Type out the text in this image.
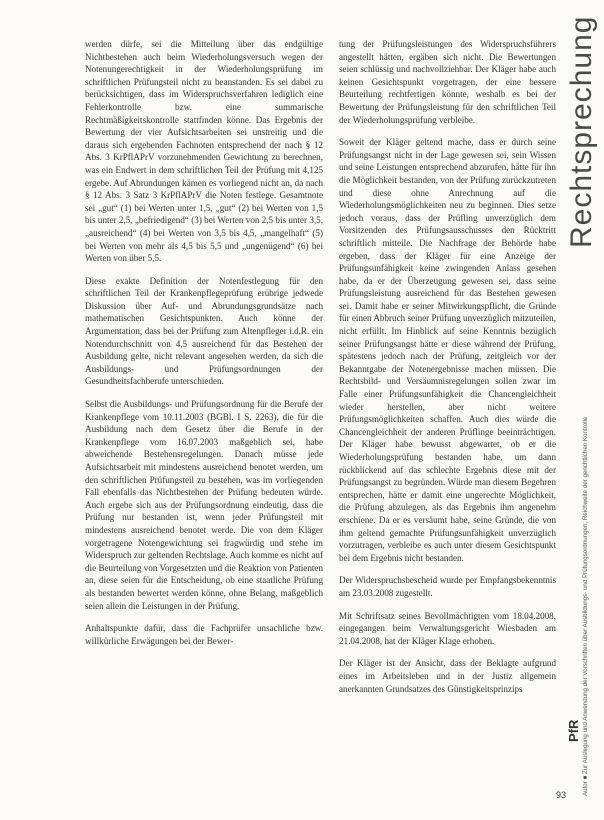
werden dürfe, sei die Mitteilung über das endgültige Nichtbestehen auch beim Wiederholungsversuch wegen der Notenungerechtigkeit in der Wiederholungsprüfung im schriftlichen Prüfungsteil nicht zu beanstanden. Es sei dabei zu berücksichtigen, dass im Widerspruchsverfahren lediglich eine Fehlerkontrolle bzw. eine summarische Rechtmäßigkeitskontrolle stattfinden könne. Das Ergebnis der Bewertung der vier Aufsichtsarbeiten sei unstreitig und die daraus sich ergebenden Fachnoten entsprechend der nach § 12 Abs. 3 KrPflAPrV vorzunehmenden Gewichtung zu berechnen, was ein Endwert in dem schriftlichen Teil der Prüfung mit 4,125 ergebe. Auf Abrundungen kämen es vorliegend nicht an, da nach § 12 Abs. 3 Satz 3 KrPflAPrV die Noten festlege. Gesamtnote sei „gut“ (1) bei Werten unter 1,5, „gut“ (2) bei Werten von 1,5 bis unter 2,5, „befriedigend“ (3) bei Werten von 2,5 bis unter 3,5, „ausreichend“ (4) bei Werten von 3,5 bis 4,5, „mangelhaft“ (5) bei Werten von mehr als 4,5 bis 5,5 und „ungenügend“ (6) bei Werten von über 5,5.

Diese exakte Definition der Notenfestlegung für den schriftlichen Teil der Krankenpflegeprüfung erübrige jedwede Diskussion über Auf- und Abrundungsgrundsätze nach mathematischen Gesichtspunkten. Auch könne der Argumentation, dass bei der Prüfung zum Altenpfleger i.d.R. ein Notendurchschnitt von 4,5 ausreichend für das Bestehen der Ausbildung gelte, nicht relevant angesehen werden, da sich die Ausbildungs- und Prüfungsordnungen der Gesundheitsfachberufe unterschieden.

Selbst die Ausbildungs- und Prüfungsordnung für die Berufe der Krankenpflege vom 10.11.2003 (BGBl. I S. 2263), die für die Ausbildung nach dem Gesetz über die Berufe in der Krankenpflege vom 16.07.2003 maßgeblich sei, habe abweichende Bestehensregelungen. Danach müsse jede Aufsichtsarbeit mit mindestens ausreichend benotet werden, um den schriftlichen Prüfungsteil zu bestehen, was im vorliegenden Fall ebenfalls das Nichtbestehen der Prüfung bedeuten würde. Auch ergebe sich aus der Prüfungsordnung eindeutig, dass die Prüfung nur bestanden ist, wenn jeder Prüfungsteil mit mindestens ausreichend benotet werde. Die von dem Kläger vorgetragene Notengewichtung sei fragwürdig und stehe im Widerspruch zur geltenden Rechtslage. Auch komme es nicht auf die Beurteilung von Vorgesetzten und die Reaktion von Patienten an, diese seien für die Entscheidung, ob eine staatliche Prüfung als bestanden bewertet werden könne, ohne Belang, maßgeblich seien allein die Leistungen in der Prüfung.

Anhaltspunkte dafür, dass die Fachprüfer unsachliche bzw. willkürliche Erwägungen bei der Bewer-

tung der Prüfungsleistungen des Widerspruchsführers angestellt hätten, ergäben sich nicht. Die Bewertungen seien schlüssig und nachvollziehbar. Der Kläger habe auch keinen Gesichtspunkt vorgetragen, der eine bessere Beurteilung rechtfertigen könnte, weshalb es bei der Bewertung der Prüfungsleistung für den schriftlichen Teil der Wiederholungsprüfung verbleibe.

Soweit der Kläger geltend mache, dass er durch seine Prüfungsangst nicht in der Lage gewesen sei, sein Wissen und seine Leistungen entsprechend abzurufen, hätte für ihn die Möglichkeit bestanden, von der Prüfung zurückzutreten und diese ohne Anrechnung auf die Wiederholungsmöglichkeiten neu zu beginnen. Dies setze jedoch voraus, dass der Prüfling unverzüglich dem Vorsitzenden des Prüfungsausschusses den Rücktritt schriftlich mitteile. Die Nachfrage der Behörde habe ergeben, dass der Kläger für eine Anzeige der Prüfungsunfähigkeit keine zwingenden Anlass gesehen habe, da er der Überzeugung gewesen sei, dass seine Prüfungsleistung ausreichend für das Bestehen gewesen sei. Damit habe er seiner Mitwirkungspflicht, die Gründe für einen Abbruch seiner Prüfung unverzüglich mitzuteilen, nicht erfüllt. Im Hinblick auf seine Kenntnis bezüglich seiner Prüfungsangst hätte er diese während der Prüfung, spätestens jedoch nach der Prüfung, zeitgleich vor der Bekanntgabe der Notenergebnisse machen müssen. Die Rechtsbild- und Versäumnisregelungen sollen zwar im Falle einer Prüfungsunfähigkeit die Chancengleichheit wieder herstellen, aber nicht weitere Prüfungsmöglichkeiten schaffen. Auch dies würde die Chancengleichheit der anderen Prüflinge beeinträchtigen. Der Kläger habe bewusst abgewartet, ob er die Wiederholungsprüfung bestanden habe, um dann rückblickend auf das schlechte Ergebnis diese mit der Prüfungsangst zu begründen. Würde man diesem Begehren entsprechen, hätte er damit eine ungerechte Möglichkeit, die Prüfung abzulegen, als das Ergebnis ihm angenehm erschiene. Da er es versäumt habe, seine Gründe, die von ihm geltend gemachte Prüfungsunfähigkeit unverzüglich vorzutragen, verbleibe es auch unter diesem Gesichtspunkt bei dem Ergebnis nicht bestanden.

Der Widerspruchsbescheid wurde per Empfangsbekenntnis am 23.03.2008 zugestellt.

Mit Schriftsatz seines Bevollmächtigten vom 18.04.2008, eingegangen beim Verwaltungsgericht Wiesbaden am 21.04.2008, hat der Kläger Klage erhoben.

Der Kläger ist der Ansicht, dass der Beklagte aufgrund eines im Arbeitsleben und in der Justiz allgemein anerkannten Grundsatzes des Günstigkeitsprinzips

Rechtsprechung
Autor ■ Zur Auslegung und Anwendung der Vorschriften über Ausbildungs- und Prüfungsordnungen; Reichweite der gerichtlichen Kontrolle
PfR
93
